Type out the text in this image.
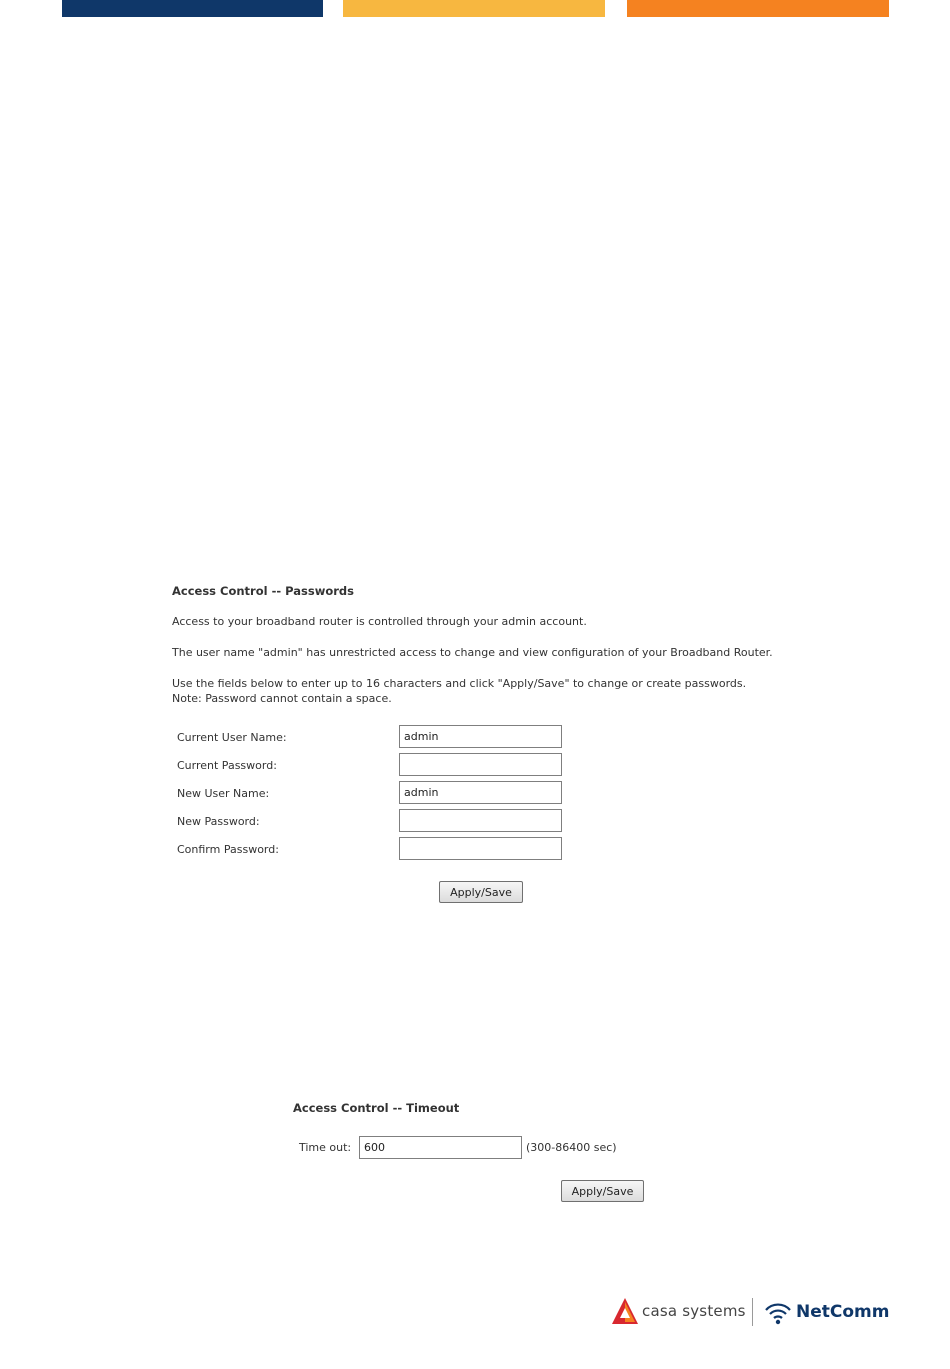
Access Control -- Passwords

Access to your broadband router is controlled through your admin account.

The user name "admin" has unrestricted access to change and view configuration of your Broadband Router.

Use the fields below to enter up to 16 characters and click "Apply/Save" to change or create passwords.

Note: Password cannot contain a space.

Current User Name:
admin
Current Password:
New User Name:
admin
New Password:
Confirm Password:
Apply/Save
Access Control -- Timeout
Time out:
600	(300-86400 sec)
Apply/Save
casa systems	NetComm
